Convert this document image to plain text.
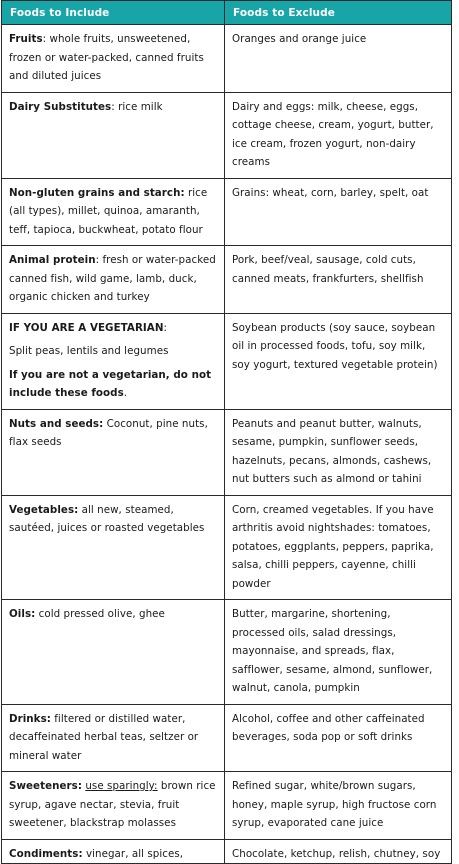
Foods to Include	Foods to Exclude
Fruits: whole fruits, unsweetened, frozen or water-packed, canned fruits and diluted juices	Oranges and orange juice
Dairy Substitutes: rice milk	Dairy and eggs: milk, cheese, eggs, cottage cheese, cream, yogurt, butter, ice cream, frozen yogurt, non-dairy creams
Non-gluten grains and starch: rice (all types), millet, quinoa, amaranth, teff, tapioca, buckwheat, potato flour	Grains: wheat, corn, barley, spelt, oat
Animal protein: fresh or water-packed canned fish, wild game, lamb, duck, organic chicken and turkey	Pork, beef/veal, sausage, cold cuts, canned meats, frankfurters, shellfish

IF YOU ARE A VEGETARIAN:

Split peas, lentils and legumes

If you are not a vegetarian, do not include these foods.	Soybean products (soy sauce, soybean oil in processed foods, tofu, soy milk, soy yogurt, textured vegetable protein)
Nuts and seeds: Coconut, pine nuts, flax seeds	Peanuts and peanut butter, walnuts, sesame, pumpkin, sunflower seeds, hazelnuts, pecans, almonds, cashews, nut butters such as almond or tahini
Vegetables: all new, steamed, sautéed, juices or roasted vegetables	Corn, creamed vegetables. If you have arthritis avoid nightshades: tomatoes, potatoes, eggplants, peppers, paprika, salsa, chilli peppers, cayenne, chilli powder
Oils: cold pressed olive, ghee	Butter, margarine, shortening, processed oils, salad dressings, mayonnaise, and spreads, flax, safflower, sesame, almond, sunflower, walnut, canola, pumpkin
Drinks: filtered or distilled water, decaffeinated herbal teas, seltzer or mineral water	Alcohol, coffee and other caffeinated beverages, soda pop or soft drinks
Sweeteners: use sparingly: brown rice syrup, agave nectar, stevia, fruit sweetener, blackstrap molasses	Refined sugar, white/brown sugars, honey, maple syrup, high fructose corn syrup, evaporated cane juice
Condiments: vinegar, all spices,	Chocolate, ketchup, relish, chutney, soy
